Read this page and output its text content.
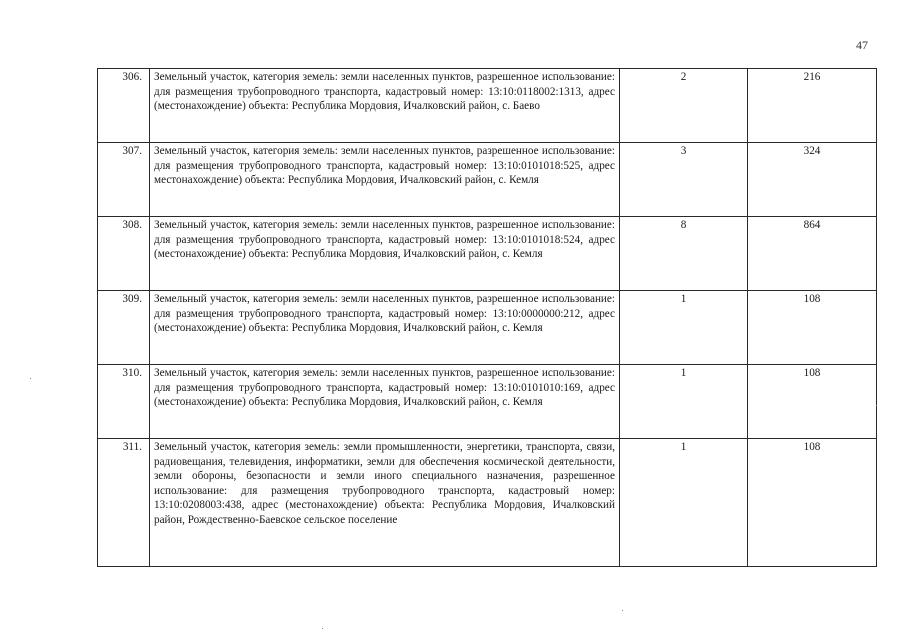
47
306.	Земельный участок, категория земель: земли населенных пунктов, разрешенное использование: для размещения трубопроводного транспорта, кадастровый номер: 13:10:0118002:1313, адрес (местонахождение) объекта: Республика Мордовия, Ичалковский район, с. Баево	2	216
307.	Земельный участок, категория земель: земли населенных пунктов, разрешенное использование: для размещения трубопроводного транспорта, кадастровый номер: 13:10:0101018:525, адрес местонахождение) объекта: Республика Мордовия, Ичалковский район, с. Кемля	3	324
308.	Земельный участок, категория земель: земли населенных пунктов, разрешенное использование: для размещения трубопроводного транспорта, кадастровый номер: 13:10:0101018:524, адрес (местонахождение) объекта: Республика Мордовия, Ичалковский район, с. Кемля	8	864
309.	Земельный участок, категория земель: земли населенных пунктов, разрешенное использование: для размещения трубопроводного транспорта, кадастровый номер: 13:10:0000000:212, адрес (местонахождение) объекта: Республика Мордовия, Ичалковский район, с. Кемля	1	108
310.	Земельный участок, категория земель: земли населенных пунктов, разрешенное использование: для размещения трубопроводного транспорта, кадастровый номер: 13:10:0101010:169, адрес (местонахождение) объекта: Республика Мордовия, Ичалковский район, с. Кемля	1	108
311.	Земельный участок, категория земель: земли промышленности, энергетики, транспорта, связи, радиовещания, телевидения, информатики, земли для обеспечения космической деятельности, земли обороны, безопасности и земли иного специального назначения, разрешенное использование: для размещения трубопроводного транспорта, кадастровый номер: 13:10:0208003:438, адрес (местонахождение) объекта: Республика Мордовия, Ичалковский район, Рождественно-Баевское сельское поселение	1	108
